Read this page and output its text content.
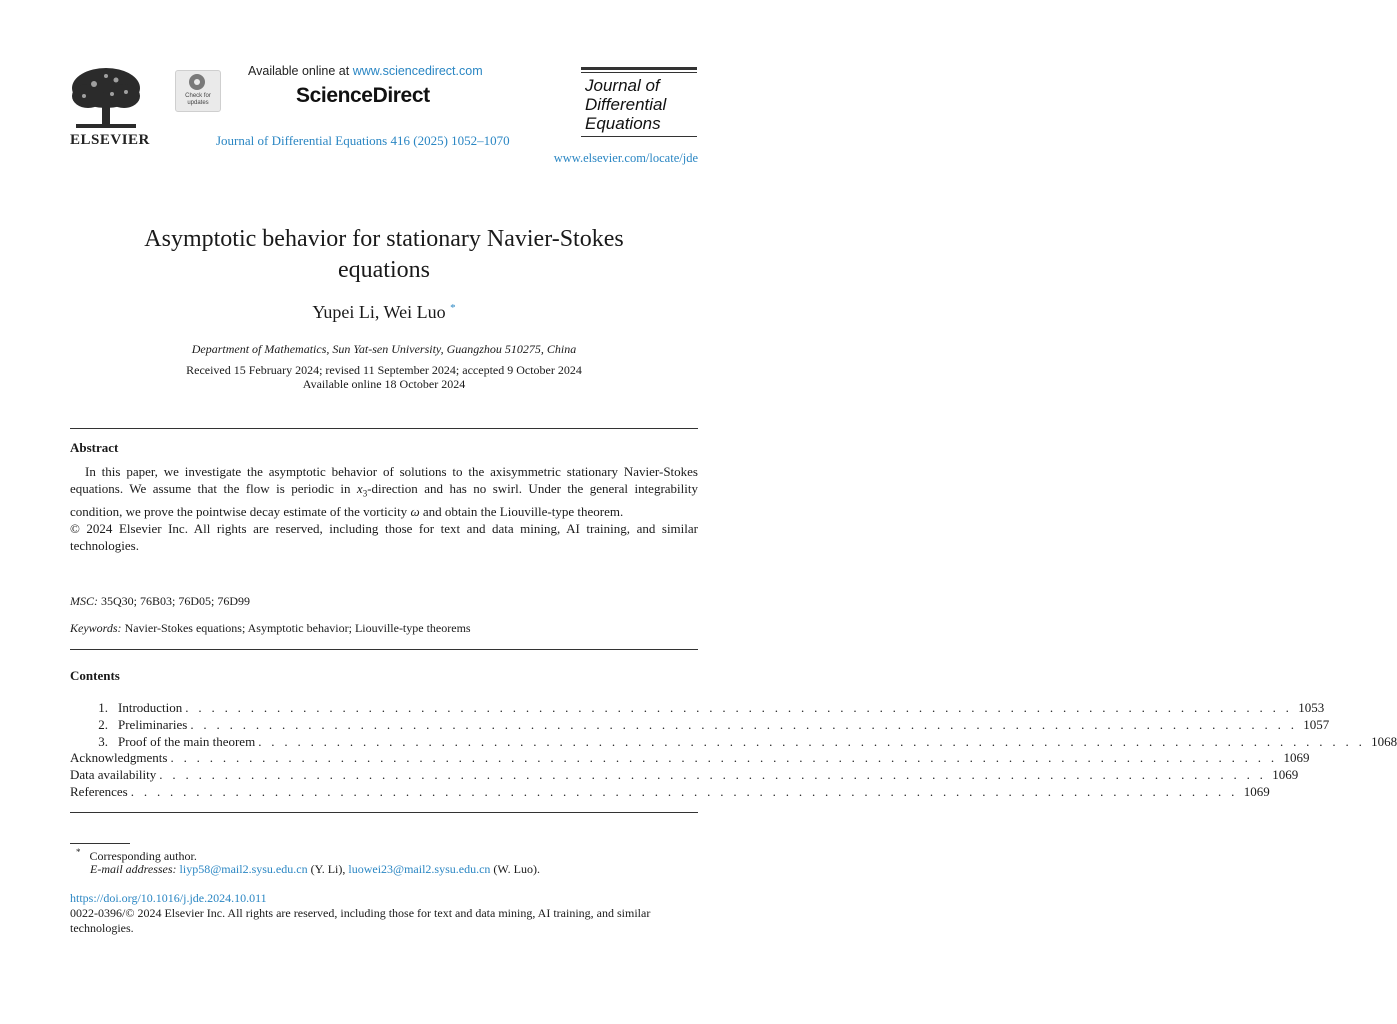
ELSEVIER
Check for updates
Available online at www.sciencedirect.com
ScienceDirect
Journal of Differential Equations 416 (2025) 1052–1070
Journal of
Differential
Equations
www.elsevier.com/locate/jde
Asymptotic behavior for stationary Navier-Stokes
equations
Yupei Li, Wei Luo *
Department of Mathematics, Sun Yat-sen University, Guangzhou 510275, China
Received 15 February 2024; revised 11 September 2024; accepted 9 October 2024
Available online 18 October 2024
Abstract

In this paper, we investigate the asymptotic behavior of solutions to the axisymmetric stationary Navier-Stokes equations. We assume that the flow is periodic in $x_3$-direction and has no swirl. Under the general integrability condition, we prove the pointwise decay estimate of the vorticity ω and obtain the Liouville-type theorem.

© 2024 Elsevier Inc. All rights are reserved, including those for text and data mining, AI training, and similar technologies.

MSC: 35Q30; 76B03; 76D05; 76D99
Keywords: Navier-Stokes equations; Asymptotic behavior; Liouville-type theorems
Contents
1. Introduction . . . . . . . . . . . . . . . . . . . . . . . . . . . . . . . . . . . . . . . . . . . . . . . . . . . . . . . . . . . . . . . . . . . . . . . . . . . . . . . . . . . . . 1053
2. Preliminaries . . . . . . . . . . . . . . . . . . . . . . . . . . . . . . . . . . . . . . . . . . . . . . . . . . . . . . . . . . . . . . . . . . . . . . . . . . . . . . . . . . . . . 1057
3. Proof of the main theorem . . . . . . . . . . . . . . . . . . . . . . . . . . . . . . . . . . . . . . . . . . . . . . . . . . . . . . . . . . . . . . . . . . . . . . . . . . . . . . . . . . . . . 1068
Acknowledgments . . . . . . . . . . . . . . . . . . . . . . . . . . . . . . . . . . . . . . . . . . . . . . . . . . . . . . . . . . . . . . . . . . . . . . . . . . . . . . . . . . . . . 1069
Data availability . . . . . . . . . . . . . . . . . . . . . . . . . . . . . . . . . . . . . . . . . . . . . . . . . . . . . . . . . . . . . . . . . . . . . . . . . . . . . . . . . . . . . 1069
References . . . . . . . . . . . . . . . . . . . . . . . . . . . . . . . . . . . . . . . . . . . . . . . . . . . . . . . . . . . . . . . . . . . . . . . . . . . . . . . . . . . . . 1069
* Corresponding author.
E-mail addresses: liyp58@mail2.sysu.edu.cn (Y. Li), luowei23@mail2.sysu.edu.cn (W. Luo).
https://doi.org/10.1016/j.jde.2024.10.011
0022-0396/© 2024 Elsevier Inc. All rights are reserved, including those for text and data mining, AI training, and similar technologies.
